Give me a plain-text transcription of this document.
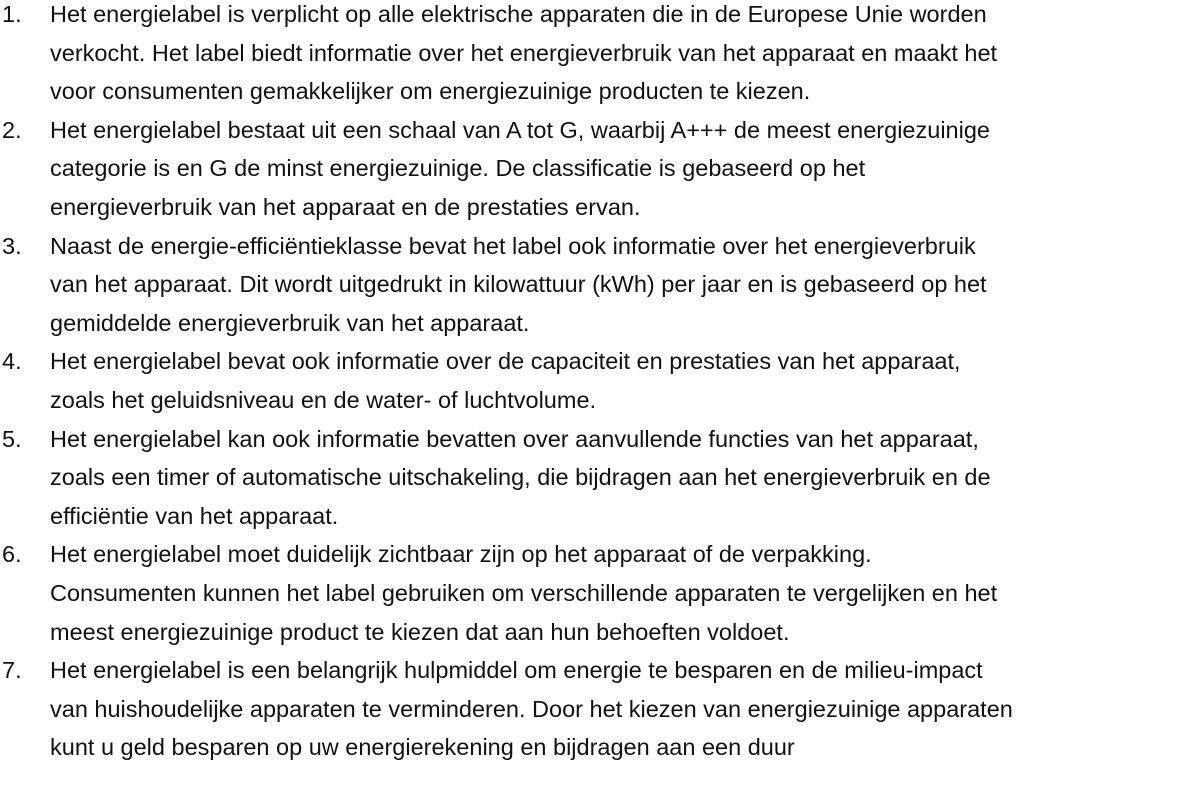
1.	Het energielabel is verplicht op alle elektrische apparaten die in de Europese Unie worden
verkocht. Het label biedt informatie over het energieverbruik van het apparaat en maakt het
voor consumenten gemakkelijker om energiezuinige producten te kiezen.
2.	Het energielabel bestaat uit een schaal van A tot G, waarbij A+++ de meest energiezuinige
categorie is en G de minst energiezuinige. De classificatie is gebaseerd op het
energieverbruik van het apparaat en de prestaties ervan.
3.	Naast de energie-efficiëntieklasse bevat het label ook informatie over het energieverbruik
van het apparaat. Dit wordt uitgedrukt in kilowattuur (kWh) per jaar en is gebaseerd op het
gemiddelde energieverbruik van het apparaat.
4.	Het energielabel bevat ook informatie over de capaciteit en prestaties van het apparaat,
zoals het geluidsniveau en de water- of luchtvolume.
5.	Het energielabel kan ook informatie bevatten over aanvullende functies van het apparaat,
zoals een timer of automatische uitschakeling, die bijdragen aan het energieverbruik en de
efficiëntie van het apparaat.
6.	Het energielabel moet duidelijk zichtbaar zijn op het apparaat of de verpakking.
Consumenten kunnen het label gebruiken om verschillende apparaten te vergelijken en het
meest energiezuinige product te kiezen dat aan hun behoeften voldoet.
7.	Het energielabel is een belangrijk hulpmiddel om energie te besparen en de milieu-impact
van huishoudelijke apparaten te verminderen. Door het kiezen van energiezuinige apparaten
kunt u geld besparen op uw energierekening en bijdragen aan een duur
